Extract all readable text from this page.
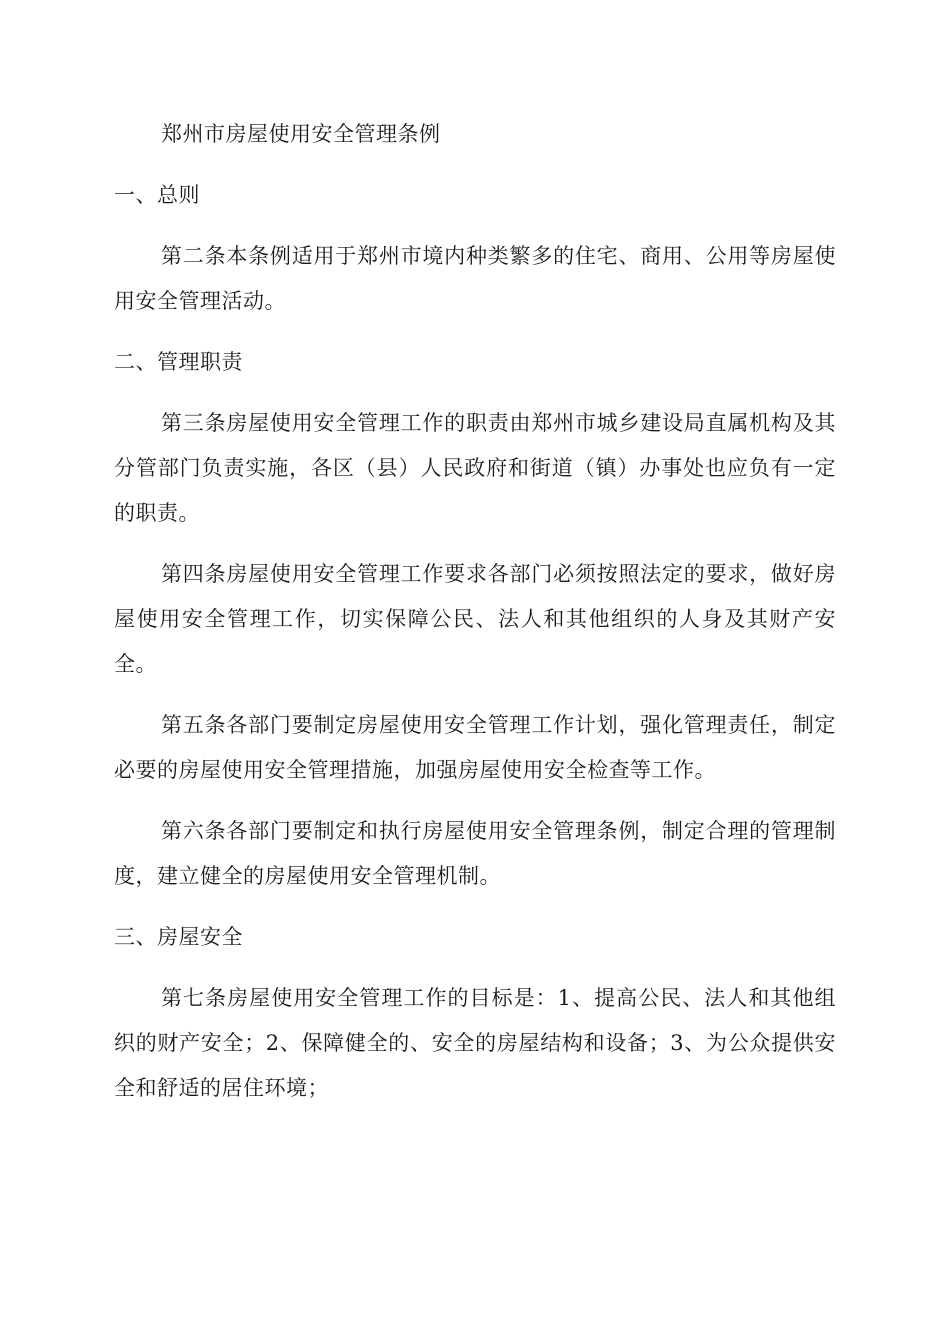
郑州市房屋使用安全管理条例

一、总则

第二条本条例适用于郑州市境内种类繁多的住宅、商用、公用等房屋使用安全管理活动。

二、管理职责

第三条房屋使用安全管理工作的职责由郑州市城乡建设局直属机构及其分管部门负责实施，各区（县）人民政府和街道（镇）办事处也应负有一定的职责。

第四条房屋使用安全管理工作要求各部门必须按照法定的要求，做好房屋使用安全管理工作，切实保障公民、法人和其他组织的人身及其财产安全。

第五条各部门要制定房屋使用安全管理工作计划，强化管理责任，制定必要的房屋使用安全管理措施，加强房屋使用安全检查等工作。

第六条各部门要制定和执行房屋使用安全管理条例，制定合理的管理制度，建立健全的房屋使用安全管理机制。

三、房屋安全

第七条房屋使用安全管理工作的目标是：1、提高公民、法人和其他组织的财产安全；2、保障健全的、安全的房屋结构和设备；3、为公众提供安全和舒适的居住环境；
